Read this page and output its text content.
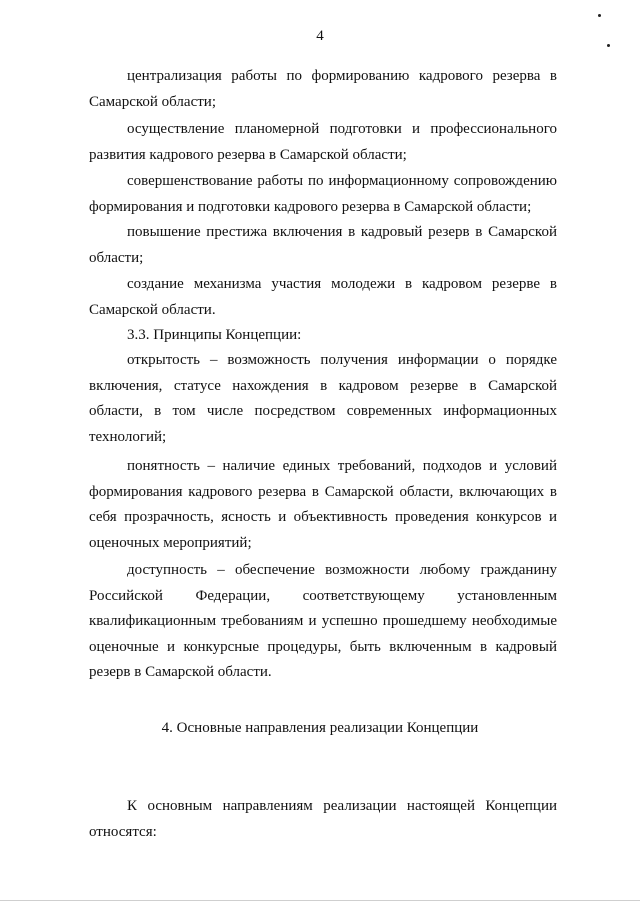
4

централизация работы по формированию кадрового резерва в Самарской области;

осуществление планомерной подготовки и профессионального развития кадрового резерва в Самарской области;

совершенствование работы по информационному сопровождению формирования и подготовки кадрового резерва в Самарской области;

повышение престижа включения в кадровый резерв в Самарской области;

создание механизма участия молодежи в кадровом резерве в Самарской области.

3.3. Принципы Концепции:

открытость – возможность получения информации о порядке включения, статусе нахождения в кадровом резерве в Самарской области, в том числе посредством современных информационных технологий;

понятность – наличие единых требований, подходов и условий формирования кадрового резерва в Самарской области, включающих в себя прозрачность, ясность и объективность проведения конкурсов и оценочных мероприятий;

доступность – обеспечение возможности любому гражданину Российской Федерации, соответствующему установленным квалификационным требованиям и успешно прошедшему необходимые оценочные и конкурсные процедуры, быть включенным в кадровый резерв в Самарской области.

4. Основные направления реализации Концепции

К основным направлениям реализации настоящей Концепции относятся:
